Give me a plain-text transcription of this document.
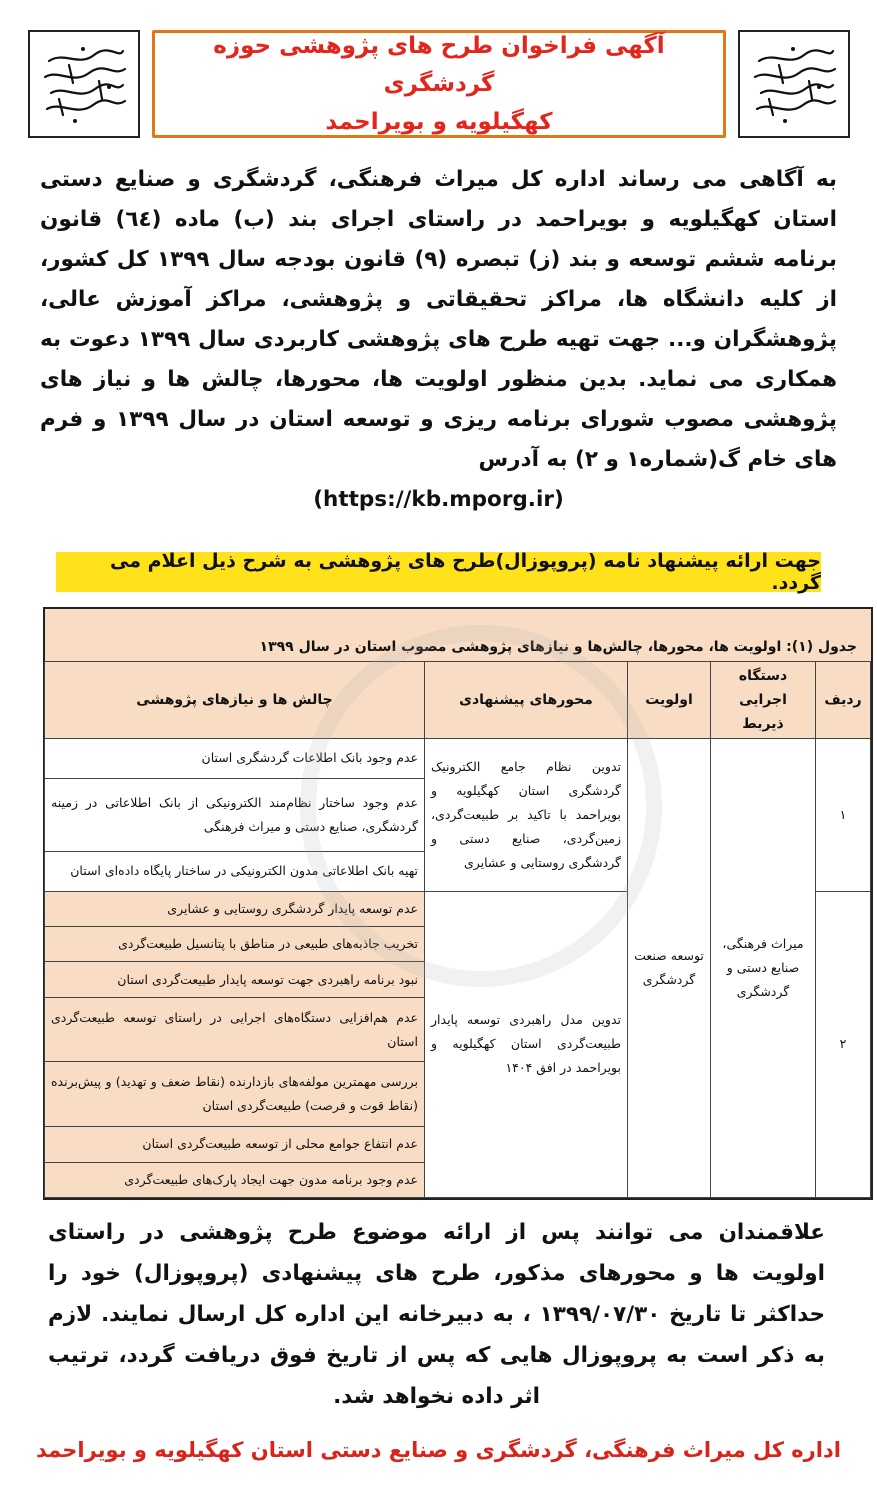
آگهی فراخوان طرح های پژوهشی حوزه گردشگری
کهگیلویه و بویراحمد
به آگاهی می رساند اداره کل میراث فرهنگی، گردشگری و صنایع دستی استان کهگیلویه و بویراحمد در راستای اجرای بند (ب) ماده (٦٤) قانون برنامه ششم توسعه و بند (ز) تبصره (٩) قانون بودجه سال ١٣٩٩ کل کشور، از کلیه دانشگاه ها، مراکز تحقیقاتی و پژوهشی، مراکز آموزش عالی، پژوهشگران و... جهت تهیه طرح های پژوهشی کاربردی سال ١٣٩٩ دعوت به همکاری می نماید. بدین منظور اولویت ها، محورها، چالش ها و نیاز های پژوهشی مصوب شورای برنامه ریزی و توسعه استان در سال ١٣٩٩ و فرم های خام گ(شماره١ و ٢) به آدرس
(https://kb.mporg.ir)
جهت ارائه پیشنهاد نامه (پروپوزال)طرح های پژوهشی به شرح ذیل اعلام می گردد.
جدول (۱): اولویت ها، محورها، چالش‌ها و نیازهای پژوهشی مصوب استان در سال ۱۳۹۹
ردیف	دستگاه اجرایی ذیربط	اولویت	محورهای پیشنهادی	چالش ها و نیازهای پژوهشی
۱	میراث فرهنگی، صنایع دستی و گردشگری	توسعه صنعت گردشگری	تدوین نظام جامع الکترونیک گردشگری استان کهگیلویه و بویراحمد با تاکید بر طبیعت‌گردی، زمین‌گردی، صنایع دستی و گردشگری روستایی و عشایری	عدم وجود بانک اطلاعات گردشگری استان
				عدم وجود ساختار نظام‌مند الکترونیکی از بانک اطلاعاتی در زمینه گردشگری، صنایع دستی و میراث فرهنگی
				تهیه بانک اطلاعاتی مدون الکترونیکی در ساختار پایگاه داده‌ای استان
۲			تدوین مدل راهبردی توسعه پایدار طبیعت‌گردی استان کهگیلویه و بویراحمد در افق ۱۴۰۴	عدم توسعه پایدار گردشگری روستایی و عشایری
				تخریب جاذبه‌های طبیعی در مناطق با پتانسیل طبیعت‌گردی
				نبود برنامه راهبردی جهت توسعه پایدار طبیعت‌گردی استان
				عدم هم‌افزایی دستگاه‌های اجرایی در راستای توسعه طبیعت‌گردی استان
				بررسی مهمترین مولفه‌های بازدارنده (نقاط ضعف و تهدید) و پیش‌برنده (نقاط قوت و فرصت) طبیعت‌گردی استان
				عدم انتفاع جوامع محلی از توسعه طبیعت‌گردی استان
				عدم وجود برنامه مدون جهت ایجاد پارک‌های طبیعت‌گردی
علاقمندان می توانند پس از ارائه موضوع طرح پژوهشی در راستای اولویت ها و محورهای مذکور، طرح های پیشنهادی (پروپوزال) خود را حداکثر تا تاریخ ١٣٩٩/٠٧/٣٠ ، به دبیرخانه این اداره کل ارسال نمایند. لازم به ذکر است به پروپوزال هایی که پس از تاریخ فوق دریافت گردد، ترتیب اثر داده نخواهد شد.
اداره کل میراث فرهنگی، گردشگری و صنایع دستی استان کهگیلویه و بویراحمد
